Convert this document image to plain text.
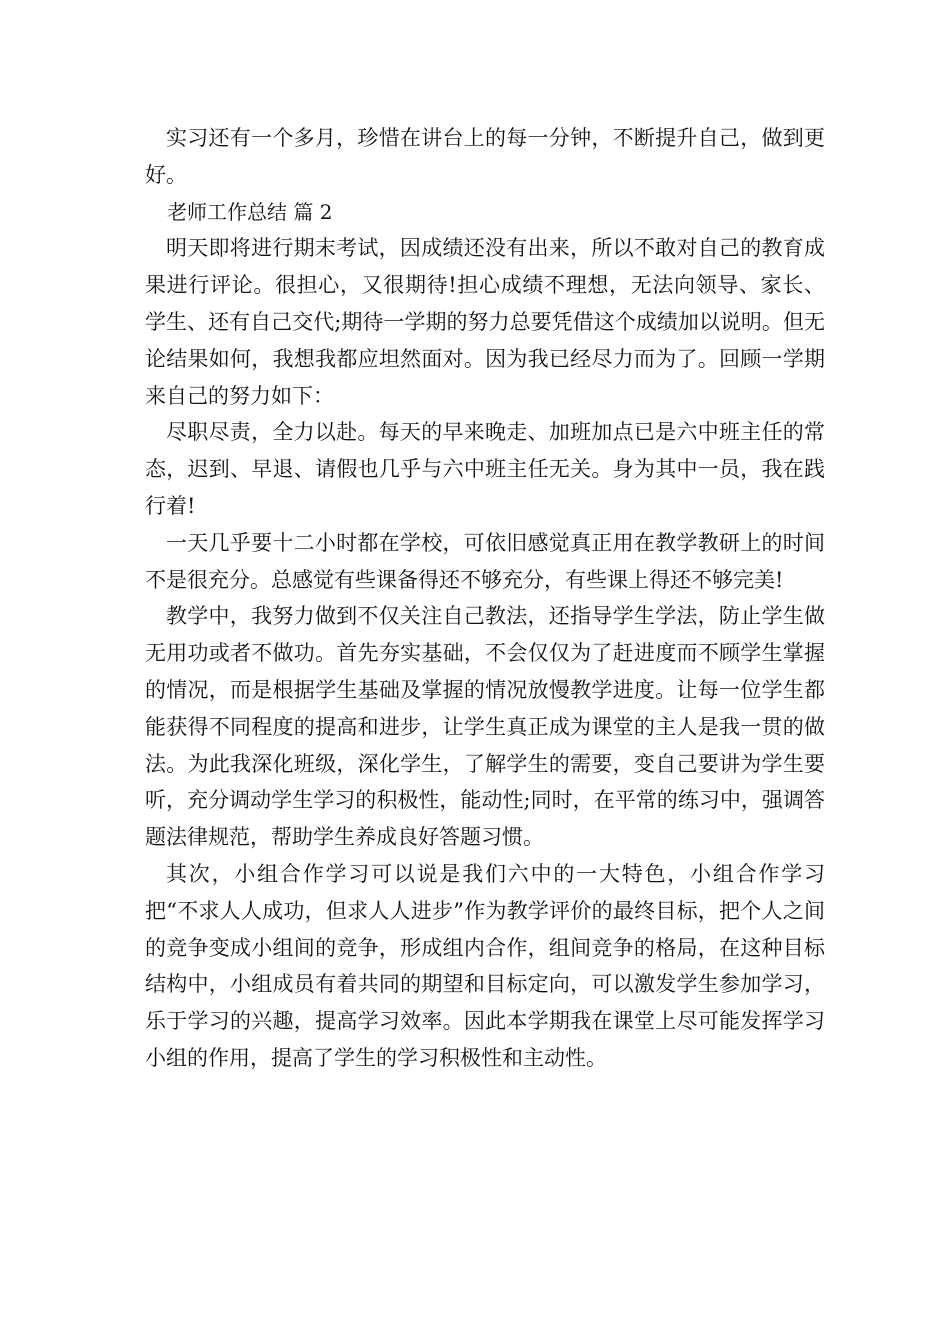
实习还有一个多月，珍惜在讲台上的每一分钟，不断提升自己，做到更好。

老师工作总结 篇 2

明天即将进行期末考试，因成绩还没有出来，所以不敢对自己的教育成果进行评论。很担心，又很期待!担心成绩不理想，无法向领导、家长、学生、还有自己交代;期待一学期的努力总要凭借这个成绩加以说明。但无论结果如何，我想我都应坦然面对。因为我已经尽力而为了。回顾一学期来自己的努力如下：

尽职尽责，全力以赴。每天的早来晚走、加班加点已是六中班主任的常态，迟到、早退、请假也几乎与六中班主任无关。身为其中一员，我在践行着!

一天几乎要十二小时都在学校，可依旧感觉真正用在教学教研上的时间不是很充分。总感觉有些课备得还不够充分，有些课上得还不够完美!

教学中，我努力做到不仅关注自己教法，还指导学生学法，防止学生做无用功或者不做功。首先夯实基础，不会仅仅为了赶进度而不顾学生掌握的情况，而是根据学生基础及掌握的情况放慢教学进度。让每一位学生都能获得不同程度的提高和进步，让学生真正成为课堂的主人是我一贯的做法。为此我深化班级，深化学生，了解学生的需要，变自己要讲为学生要听，充分调动学生学习的积极性，能动性;同时，在平常的练习中，强调答题法律规范，帮助学生养成良好答题习惯。

其次，小组合作学习可以说是我们六中的一大特色，小组合作学习把“不求人人成功，但求人人进步”作为教学评价的最终目标，把个人之间的竞争变成小组间的竞争，形成组内合作，组间竞争的格局，在这种目标结构中，小组成员有着共同的期望和目标定向，可以激发学生参加学习，乐于学习的兴趣，提高学习效率。因此本学期我在课堂上尽可能发挥学习小组的作用，提高了学生的学习积极性和主动性。
